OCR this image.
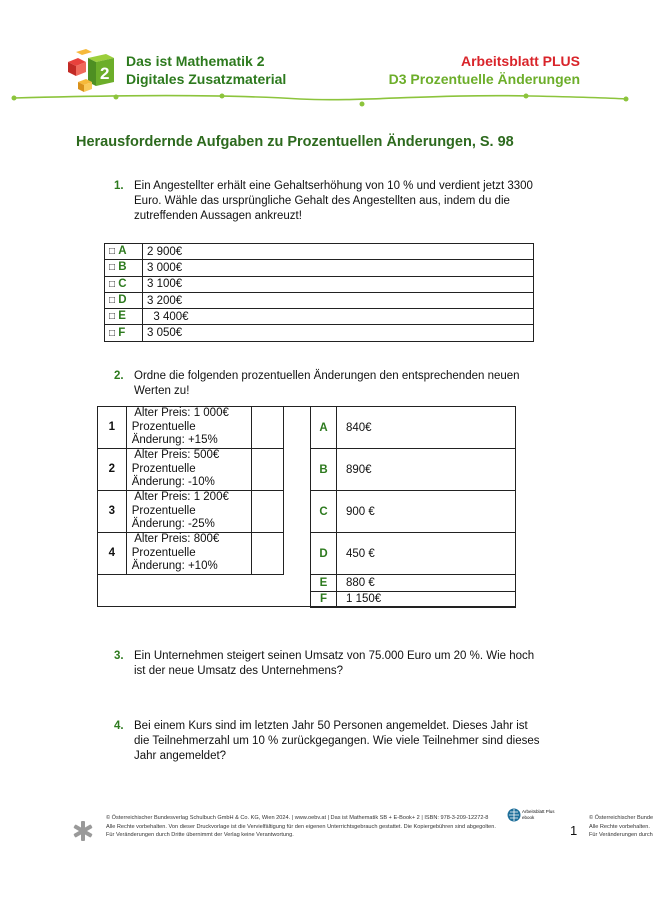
2
Das ist Mathematik 2
Digitales Zusatzmaterial
Arbeitsblatt PLUS
D3 Prozentuelle Änderungen
Herausfordernde Aufgaben zu Prozentuellen Änderungen, S. 98
1. Ein Angestellter erhält eine Gehaltserhöhung von 10 % und verdient jetzt 3300 Euro. Wähle das ursprüngliche Gehalt des Angestellten aus, indem du die zutreffenden Aussagen ankreuzt!
□ A	2 900€
□ B	3 000€
□ C	3 100€
□ D	3 200€
□ E	3 400€
□ F	3 050€
2. Ordne die folgenden prozentuellen Änderungen den entsprechenden neuen Werten zu!
1	Alter Preis: 1 000€
Prozentuelle
Änderung: +15%	

2	Alter Preis: 500€
Prozentuelle
Änderung: -10%	

3	Alter Preis: 1 200€
Prozentuelle
Änderung: -25%	

4	Alter Preis: 800€
Prozentuelle
Änderung: +10%	

A	840€
B	890€
C	900 €
D	450 €
E	880 €
F	1 150€
3. Ein Unternehmen steigert seinen Umsatz von 75.000 Euro um 20 %. Wie hoch ist der neue Umsatz des Unternehmens?
4. Bei einem Kurs sind im letzten Jahr 50 Personen angemeldet. Dieses Jahr ist die Teilnehmerzahl um 10 % zurückgegangen. Wie viele Teilnehmer sind dieses Jahr angemeldet?
© Österreichischer Bundesverlag Schulbuch GmbH & Co. KG, Wien 2024. | www.oebv.at | Das ist Mathematik SB + E-Book+ 2 | ISBN: 978-3-209-12272-8
Alle Rechte vorbehalten. Von dieser Druckvorlage ist die Vervielfältigung für den eigenen Unterrichtsgebrauch gestattet. Die Kopiergebühren sind abgegolten.
Für Veränderungen durch Dritte übernimmt der Verlag keine Verantwortung.	1
Arbeitsblatt Plus
ebook	© Österreichischer Bunde
Alle Rechte vorbehalten.
Für Veränderungen durch
